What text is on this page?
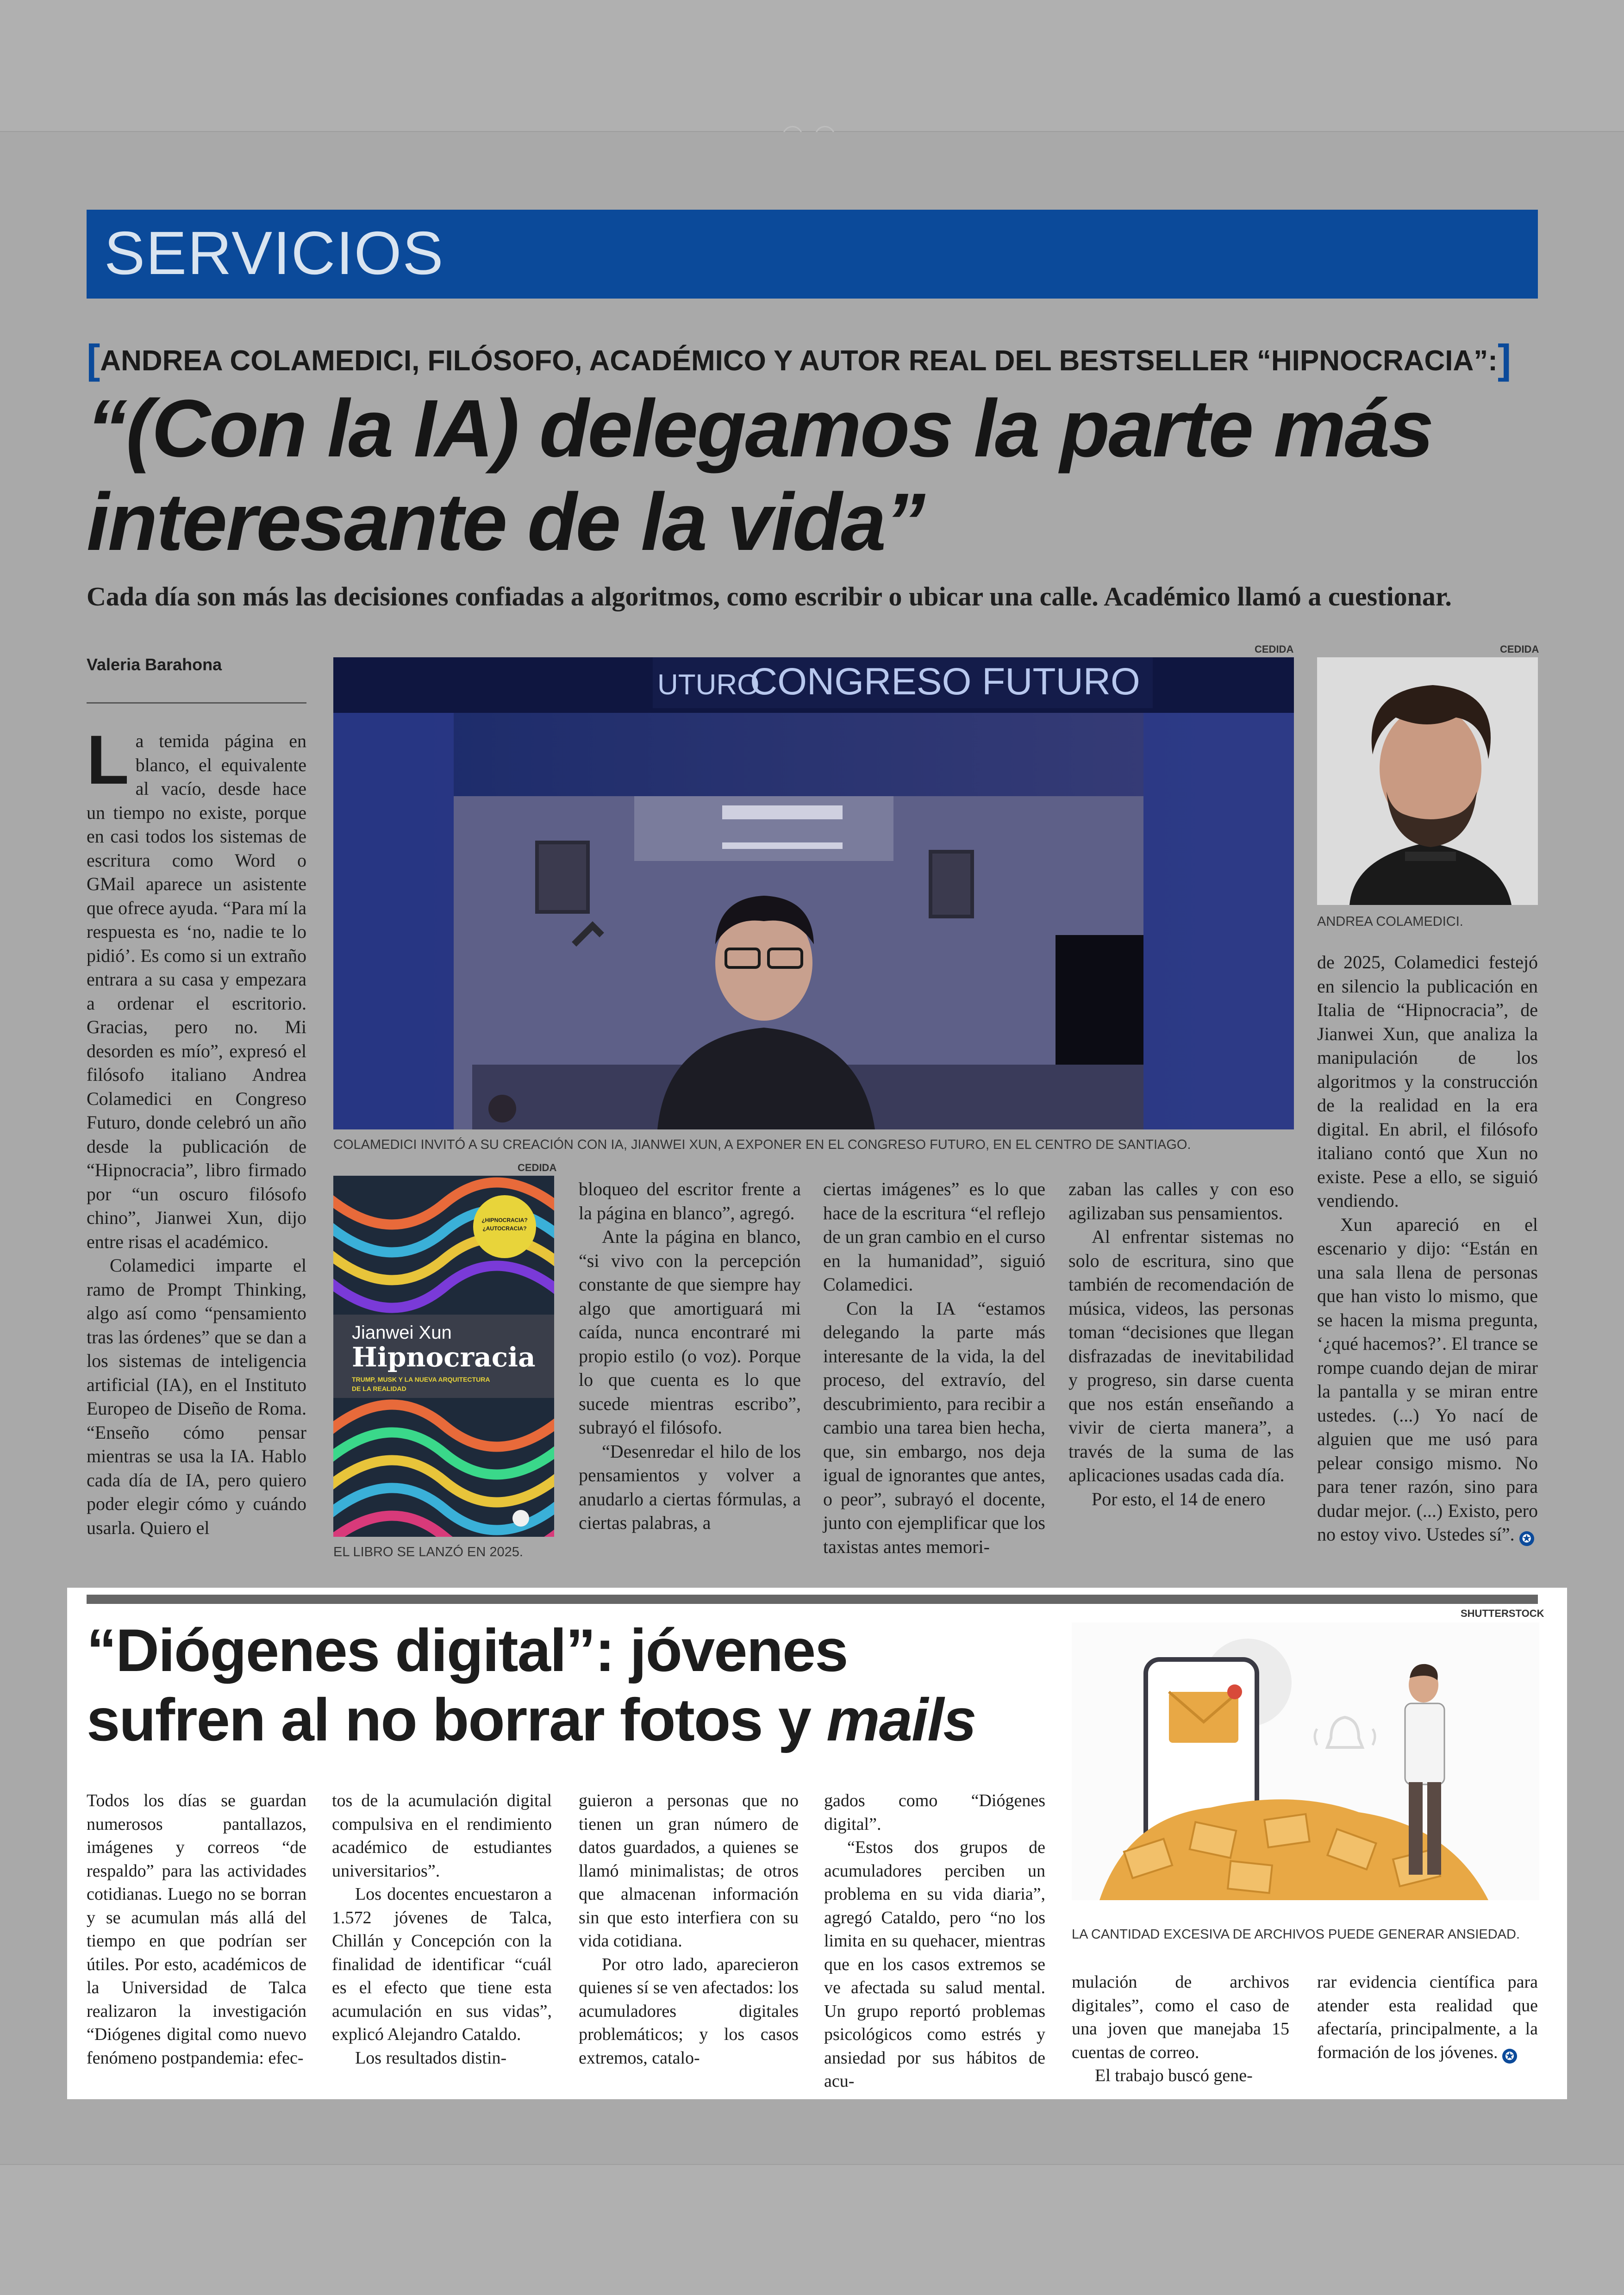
SERVICIOS
[ANDREA COLAMEDICI, FILÓSOFO, ACADÉMICO Y AUTOR REAL DEL BESTSELLER “HIPNOCRACIA”:]
“(Con la IA) delegamos la parte más
interesante de la vida”
Cada día son más las decisiones confiadas a algoritmos, como escribir o ubicar una calle. Académico llamó a cuestionar.
Valeria Barahona
CEDIDA
UTURO
CONGRESO FUTURO
COLAMEDICI INVITÓ A SU CREACIÓN CON IA, JIANWEI XUN, A EXPONER EN EL CONGRESO FUTURO, EN EL CENTRO DE SANTIAGO.
CEDIDA
ANDREA COLAMEDICI.
CEDIDA
¿HIPNOCRACIA?
¿AUTOCRACIA?
Jianwei Xun
Hipnocracia
TRUMP, MUSK Y LA NUEVA ARQUITECTURA
DE LA REALIDAD
EL LIBRO SE LANZÓ EN 2025.

La temida página en blanco, el equivalente al vacío, desde hace un tiempo no existe, porque en casi todos los sistemas de escritura como Word o GMail aparece un asistente que ofrece ayuda. “Para mí la respuesta es ‘no, nadie te lo pidió’. Es como si un extraño entrara a su casa y empezara a ordenar el escritorio. Gracias, pero no. Mi desorden es mío”, expresó el filósofo italiano Andrea Colamedici en Congreso Futuro, donde celebró un año desde la publicación de “Hipnocracia”, libro firmado por “un oscuro filósofo chino”, Jianwei Xun, dijo entre risas el académico.

Colamedici imparte el ramo de Prompt Thinking, algo así como “pensamiento tras las órdenes” que se dan a los sistemas de inteligencia artificial (IA), en el Instituto Europeo de Diseño de Roma. “Enseño cómo pensar mientras se usa la IA. Hablo cada día de IA, pero quiero poder elegir cómo y cuándo usarla. Quiero el

bloqueo del escritor frente a la página en blanco”, agregó.

Ante la página en blanco, “si vivo con la percepción constante de que siempre hay algo que amortiguará mi caída, nunca encontraré mi propio estilo (o voz). Porque lo que cuenta es lo que sucede mientras escribo”, subrayó el filósofo.

“Desenredar el hilo de los pensamientos y volver a anudarlo a ciertas fórmulas, a ciertas palabras, a

ciertas imágenes” es lo que hace de la escritura “el reflejo de un gran cambio en el curso en la humanidad”, siguió Colamedici.

Con la IA “estamos delegando la parte más interesante de la vida, la del proceso, del extravío, del descubrimiento, para recibir a cambio una tarea bien hecha, que, sin embargo, nos deja igual de ignorantes que antes, o peor”, subrayó el docente, junto con ejemplificar que los taxistas antes memori-

zaban las calles y con eso agilizaban sus pensamientos.

Al enfrentar sistemas no solo de escritura, sino que también de recomendación de música, videos, las personas toman “decisiones que llegan disfrazadas de inevitabilidad y progreso, sin darse cuenta que nos están enseñando a vivir de cierta manera”, a través de la suma de las aplicaciones usadas cada día.

Por esto, el 14 de enero

de 2025, Colamedici festejó en silencio la publicación en Italia de “Hipnocracia”, de Jianwei Xun, que analiza la manipulación de los algoritmos y la construcción de la realidad en la era digital. En abril, el filósofo italiano contó que Xun no existe. Pese a ello, se siguió vendiendo.

Xun apareció en el escenario y dijo: “Están en una sala llena de personas que han visto lo mismo, que se hacen la misma pregunta, ‘¿qué hacemos?’. El trance se rompe cuando dejan de mirar la pantalla y se miran entre ustedes. (...) Yo nací de alguien que me usó para pelear consigo mismo. No para tener razón, sino para dudar mejor. (...) Existo, pero no estoy vivo. Ustedes sí”. ✪

SHUTTERSTOCK
“Diógenes digital”: jóvenes
sufren al no borrar fotos y mails
LA CANTIDAD EXCESIVA DE ARCHIVOS PUEDE GENERAR ANSIEDAD.

Todos los días se guardan numerosos pantallazos, imágenes y correos “de respaldo” para las actividades cotidianas. Luego no se borran y se acumulan más allá del tiempo en que podrían ser útiles. Por esto, académicos de la Universidad de Talca realizaron la investigación “Diógenes digital como nuevo fenómeno postpandemia: efec-

tos de la acumulación digital compulsiva en el rendimiento académico de estudiantes universitarios”.

Los docentes encuestaron a 1.572 jóvenes de Talca, Chillán y Concepción con la finalidad de identificar “cuál es el efecto que tiene esta acumulación en sus vidas”, explicó Alejandro Cataldo.

Los resultados distin-

guieron a personas que no tienen un gran número de datos guardados, a quienes se llamó minimalistas; de otros que almacenan información sin que esto interfiera con su vida cotidiana.

Por otro lado, aparecieron quienes sí se ven afectados: los acumuladores digitales problemáticos; y los casos extremos, catalo-

gados como “Diógenes digital”.

“Estos dos grupos de acumuladores perciben un problema en su vida diaria”, agregó Cataldo, pero “no los limita en su quehacer, mientras que en los casos extremos se ve afectada su salud mental. Un grupo reportó problemas psicológicos como estrés y ansiedad por sus hábitos de acu-

mulación de archivos digitales”, como el caso de una joven que manejaba 15 cuentas de correo.

El trabajo buscó gene-

rar evidencia científica para atender esta realidad que afectaría, principalmente, a la formación de los jóvenes. ✪
